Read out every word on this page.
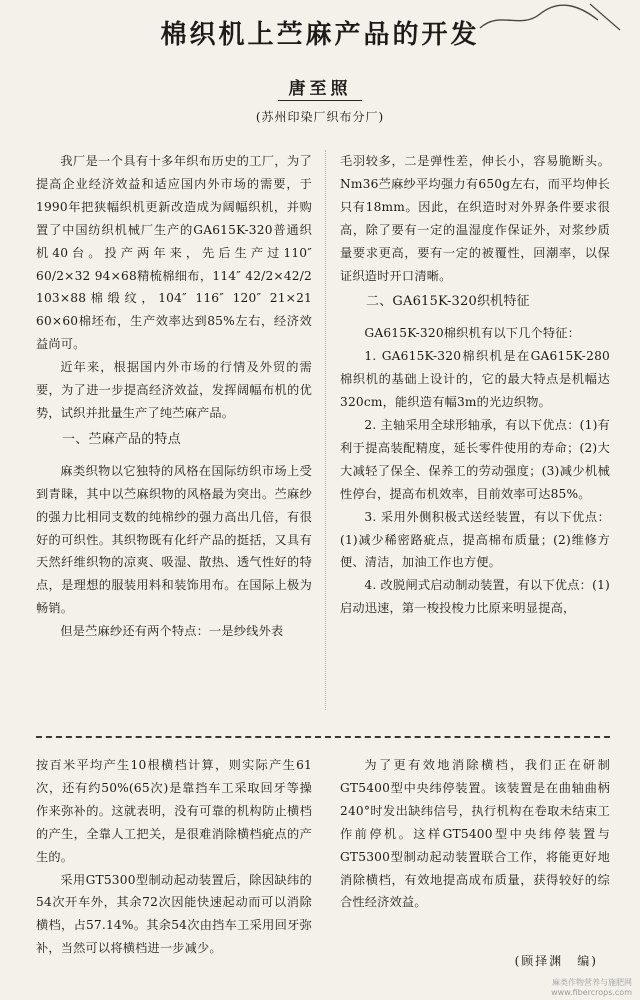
棉织机上苎麻产品的开发
唐至照
(苏州印染厂织布分厂)

我厂是一个具有十多年织布历史的工厂，为了提高企业经济效益和适应国内外市场的需要，于1990年把狭幅织机更新改造成为阔幅织机，并购置了中国纺织机械厂生产的GA615K-320普通织机40台。投产两年来，先后生产过110″ 60/2×32 94×68精梳棉细布，114″ 42/2×42/2 103×88棉缎纹，104″ 116″ 120″ 21×21 60×60棉坯布，生产效率达到85%左右，经济效益尚可。

近年来，根据国内外市场的行情及外贸的需要，为了进一步提高经济效益，发挥阔幅布机的优势，试织并批量生产了纯苎麻产品。

一、苎麻产品的特点

麻类织物以它独特的风格在国际纺织市场上受到青睐，其中以苎麻织物的风格最为突出。苎麻纱的强力比相同支数的纯棉纱的强力高出几倍，有很好的可织性。其织物既有化纤产品的挺括，又具有天然纤维织物的凉爽、吸湿、散热、透气性好的特点，是理想的服装用料和装饰用布。在国际上极为畅销。

但是苎麻纱还有两个特点：一是纱线外表

毛羽较多，二是弹性差，伸长小，容易脆断头。Nm36苎麻纱平均强力有650g左右，而平均伸长只有18mm。因此，在织造时对外界条件要求很高，除了要有一定的温湿度作保证外，对浆纱质量要求更高，要有一定的被覆性，回潮率，以保证织造时开口清晰。

二、GA615K-320织机特征

GA615K-320棉织机有以下几个特征：

1. GA615K-320棉织机是在GA615K-280棉织机的基础上设计的，它的最大特点是机幅达320cm，能织造有幅3m的光边织物。

2. 主轴采用全球形轴承，有以下优点：(1)有利于提高装配精度，延长零件使用的寿命；(2)大大减轻了保全、保养工的劳动强度；(3)减少机械性停台，提高布机效率，目前效率可达85%。

3. 采用外侧积极式送经装置，有以下优点：(1)减少稀密路疵点，提高棉布质量；(2)维修方便、清洁，加油工作也方便。

4. 改脱闸式启动制动装置，有以下优点：(1)启动迅速，第一梭投梭力比原来明显提高，

按百米平均产生10根横档计算，则实际产生61次，还有约50%(65次)是靠挡车工采取回牙等操作来弥补的。这就表明，没有可靠的机构防止横档的产生，全靠人工把关，是很难消除横档疵点的产生的。

采用GT5300型制动起动装置后，除因缺纬的54次开车外，其余72次因能快速起动而可以消除横档，占57.14%。其余54次由挡车工采用回牙弥补，当然可以将横档进一步减少。

为了更有效地消除横档，我们正在研制GT5400型中央纬停装置。该装置是在曲轴曲柄240°时发出缺纬信号，执行机构在卷取未结束工作前停机。这样GT5400型中央纬停装置与GT5300型制动起动装置联合工作，将能更好地消除横档，有效地提高成布质量，获得较好的综合性经济效益。

(顾择渊　编)
麻类作物营养与施肥网
www.fibercrops.com
